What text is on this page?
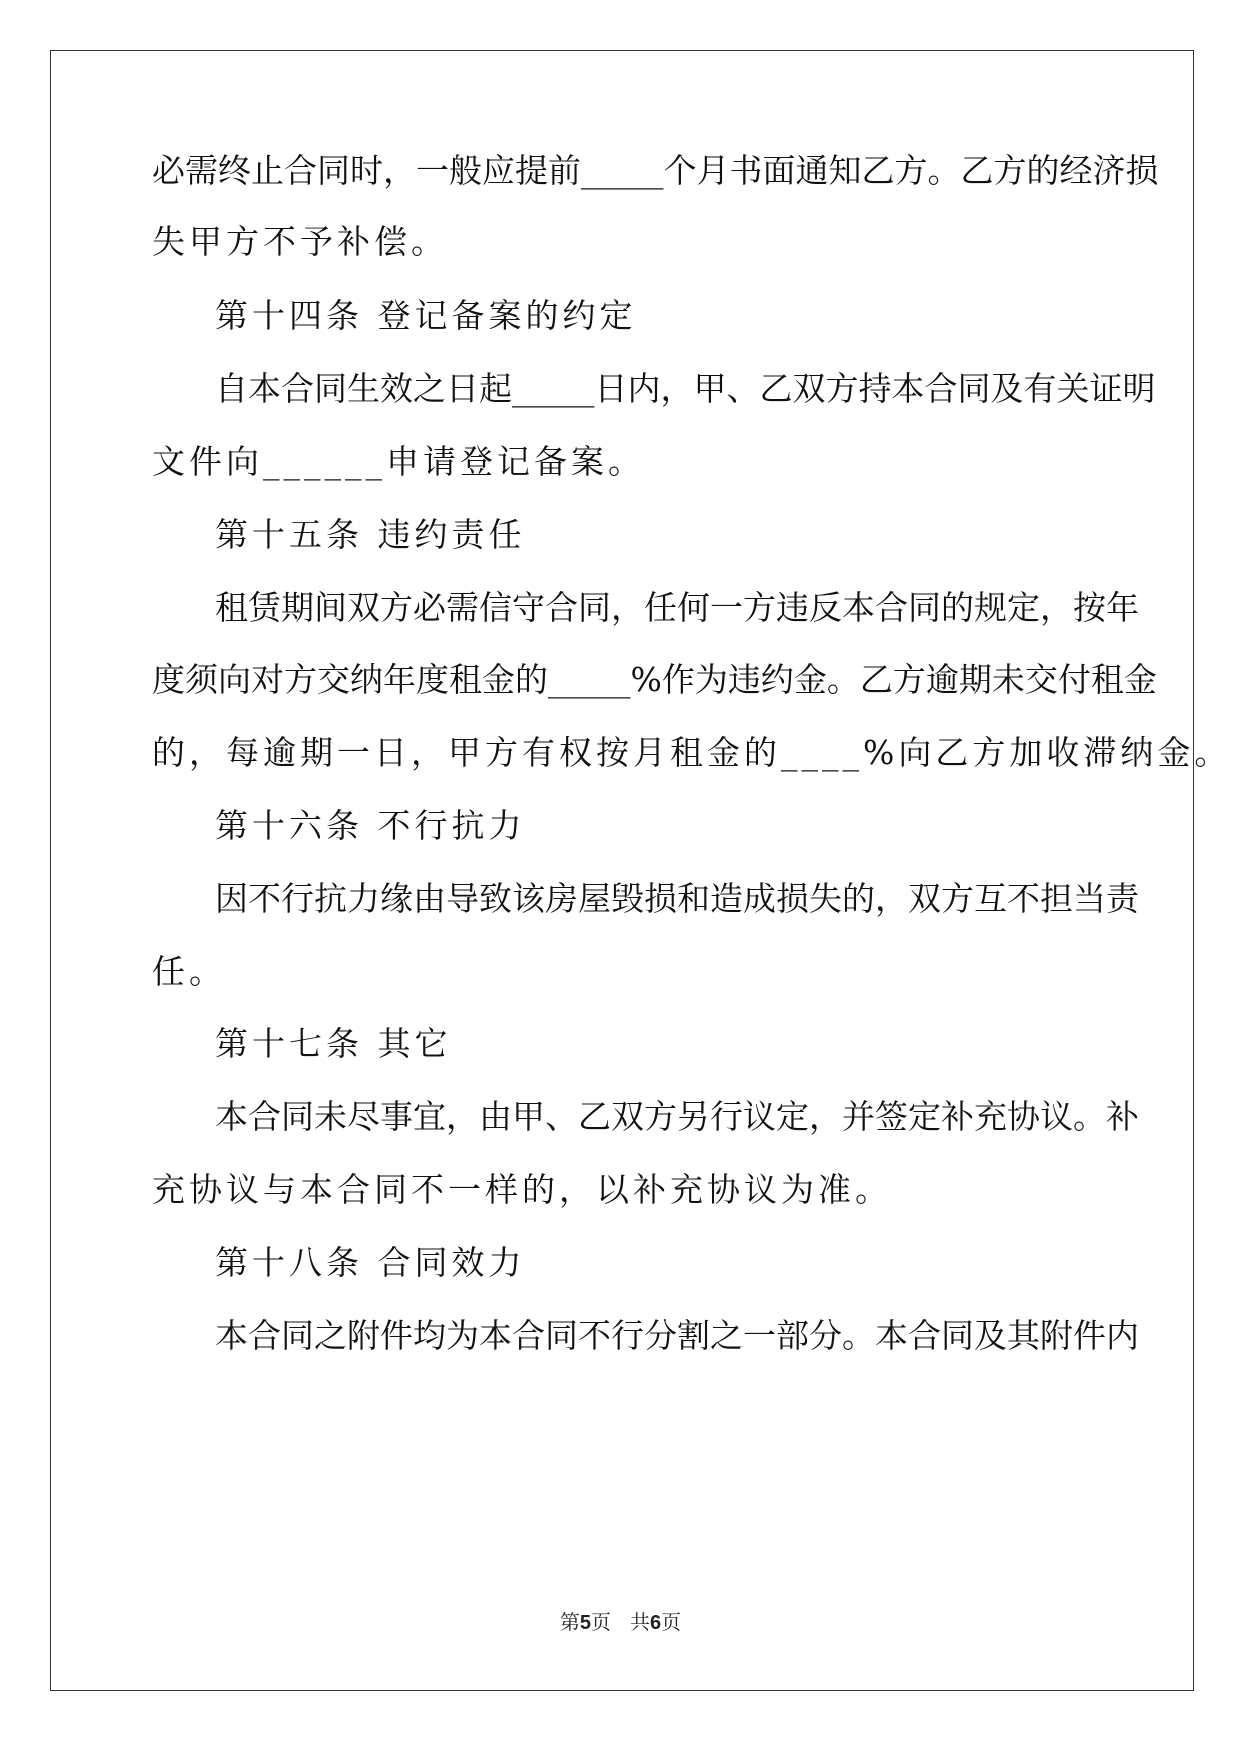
必需终止合同时，一般应提前_____个月书面通知乙方。乙方的经济损
失甲方不予补偿。
第十四条 登记备案的约定
自本合同生效之日起_____日内，甲、乙双方持本合同及有关证明
文件向______申请登记备案。
第十五条 违约责任
租赁期间双方必需信守合同，任何一方违反本合同的规定，按年
度须向对方交纳年度租金的_____%作为违约金。乙方逾期未交付租金
的，每逾期一日，甲方有权按月租金的____%向乙方加收滞纳金。
第十六条 不行抗力
因不行抗力缘由导致该房屋毁损和造成损失的，双方互不担当责
任。
第十七条 其它
本合同未尽事宜，由甲、乙双方另行议定，并签定补充协议。补
充协议与本合同不一样的，以补充协议为准。
第十八条 合同效力
本合同之附件均为本合同不行分割之一部分。本合同及其附件内
第5页 共6页
